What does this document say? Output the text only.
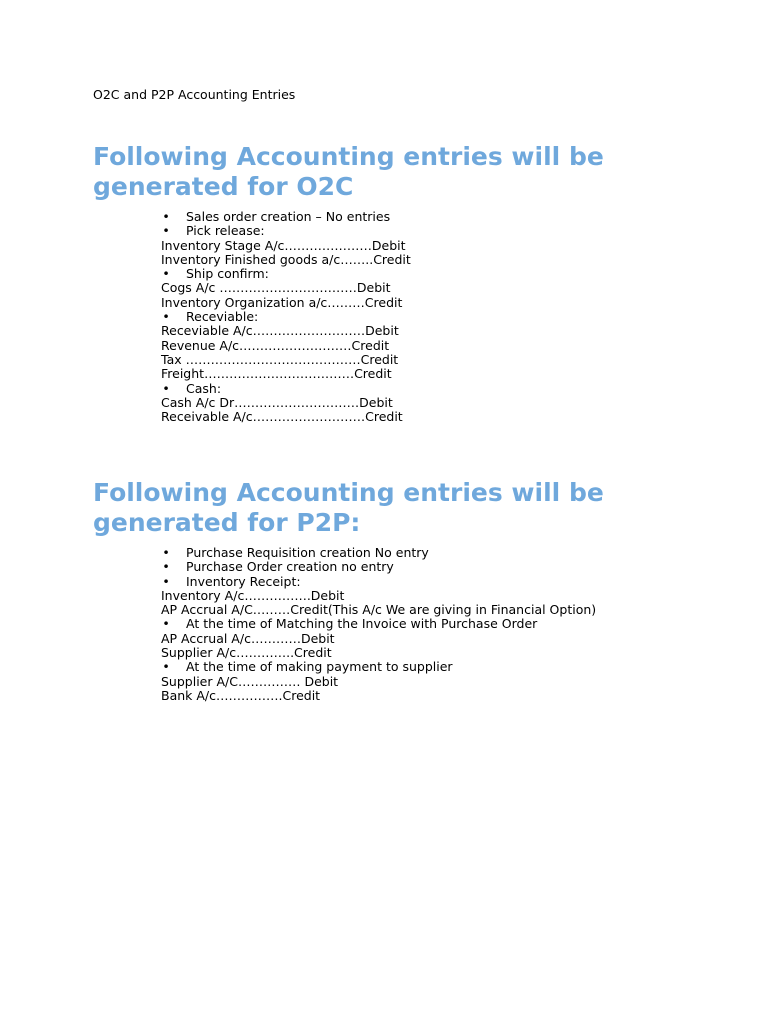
O2C and P2P Accounting Entries
Following Accounting entries will be generated for O2C
• Sales order creation – No entries
• Pick release:
Inventory Stage A/c…………………Debit
Inventory Finished goods a/c……..Credit
• Ship confirm:
Cogs A/c ……………………………Debit
Inventory Organization a/c………Credit
• Receviable:
Receviable A/c………………………Debit
Revenue A/c………………………Credit
Tax ……………………………………Credit
Freight………………………………Credit
• Cash:
Cash A/c Dr…………………………Debit
Receivable A/c………………………Credit
Following Accounting entries will be generated for P2P:
• Purchase Requisition creation No entry
• Purchase Order creation no entry
• Inventory Receipt:
Inventory A/c…………….Debit
AP Accrual A/C………Credit(This A/c We are giving in Financial Option)
• At the time of Matching the Invoice with Purchase Order
AP Accrual A/c…………Debit
Supplier A/c…………..Credit
• At the time of making payment to supplier
Supplier A/C…………… Debit
Bank A/c…………….Credit
